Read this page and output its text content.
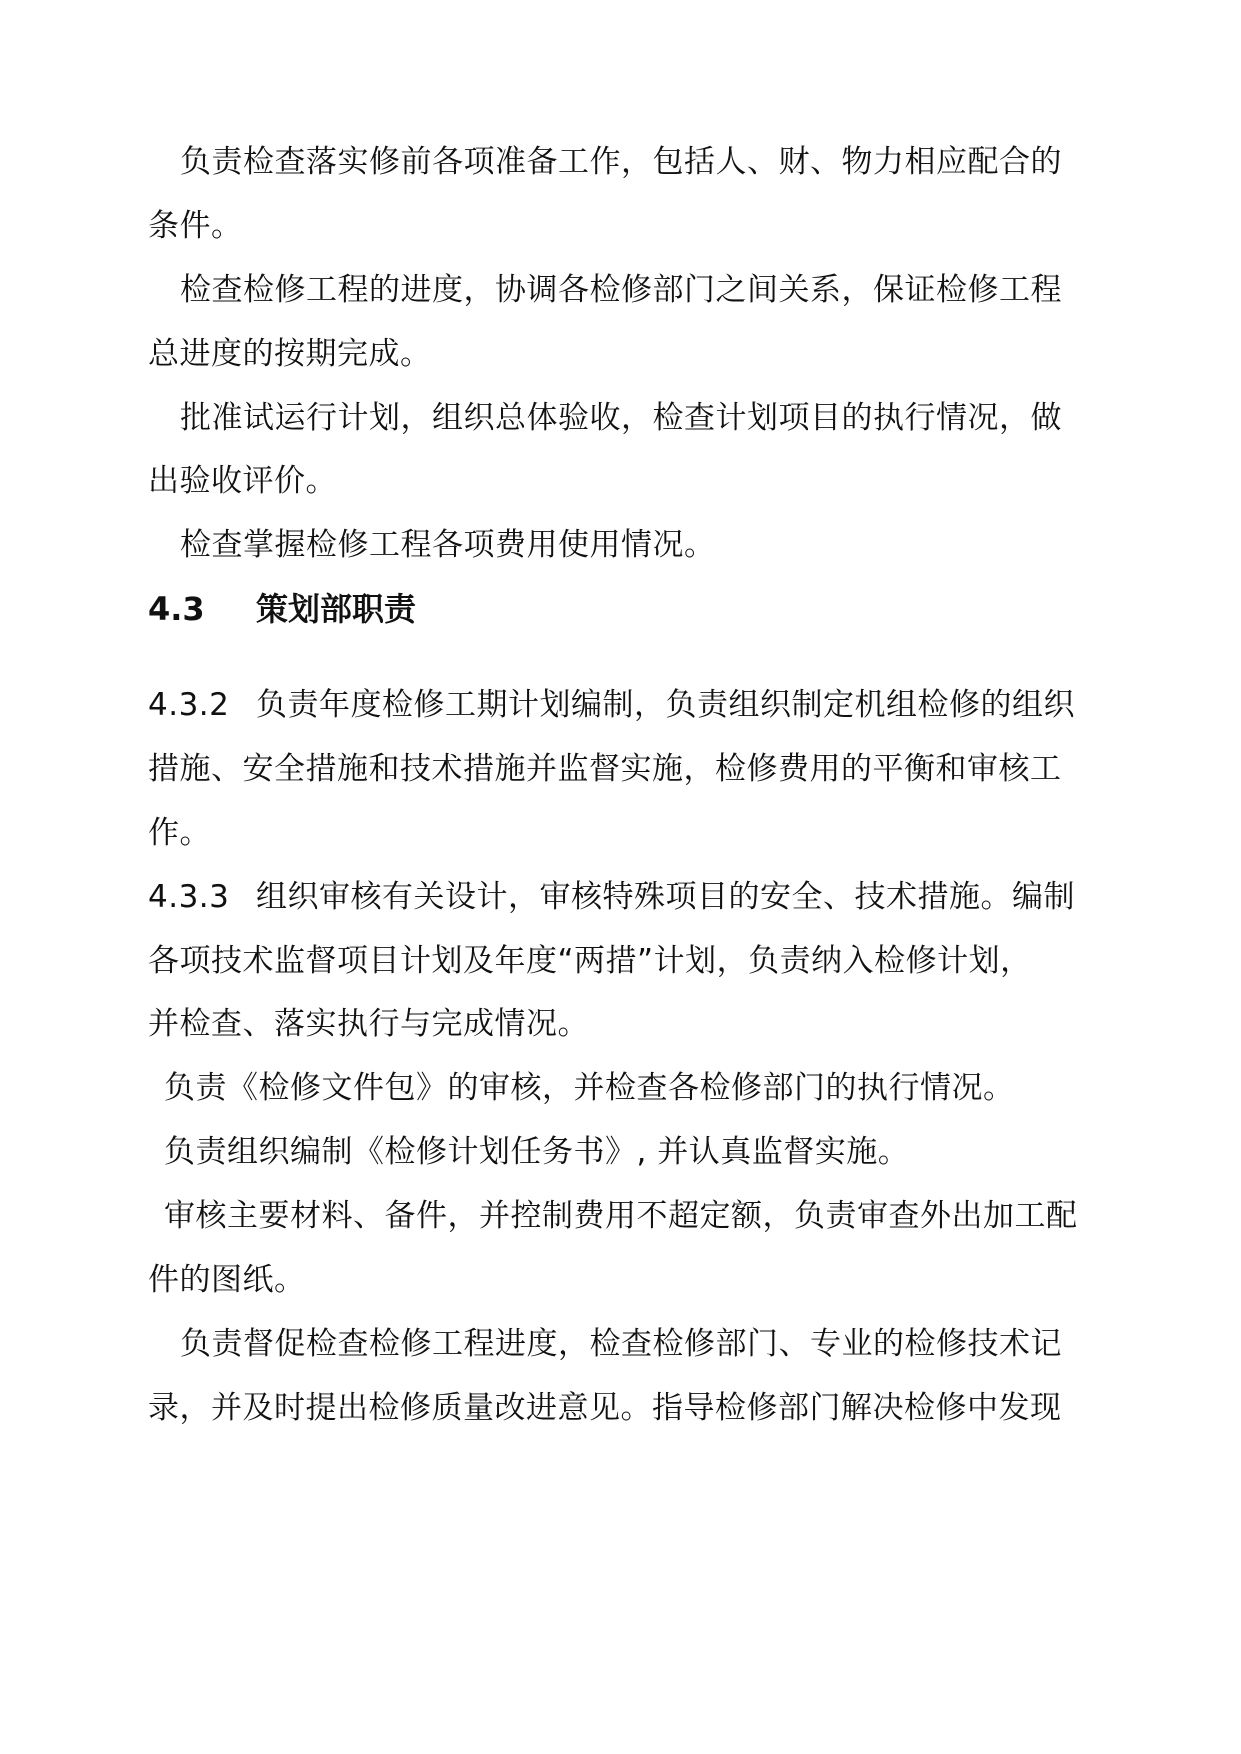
负责检查落实修前各项准备工作，包括人、财、物力相应配合的
条件。
检查检修工程的进度，协调各检修部门之间关系，保证检修工程
总进度的按期完成。
批准试运行计划，组织总体验收，检查计划项目的执行情况，做
出验收评价。
检查掌握检修工程各项费用使用情况。
4.3 策划部职责
4.3.2 负责年度检修工期计划编制，负责组织制定机组检修的组织
措施、安全措施和技术措施并监督实施，检修费用的平衡和审核工
作。
4.3.3 组织审核有关设计，审核特殊项目的安全、技术措施。编制
各项技术监督项目计划及年度“两措”计划，负责纳入检修计划，
并检查、落实执行与完成情况。
负责《检修文件包》的审核，并检查各检修部门的执行情况。
负责组织编制《检修计划任务书》, 并认真监督实施。
审核主要材料、备件，并控制费用不超定额，负责审查外出加工配
件的图纸。
负责督促检查检修工程进度，检查检修部门、专业的检修技术记
录，并及时提出检修质量改进意见。指导检修部门解决检修中发现
